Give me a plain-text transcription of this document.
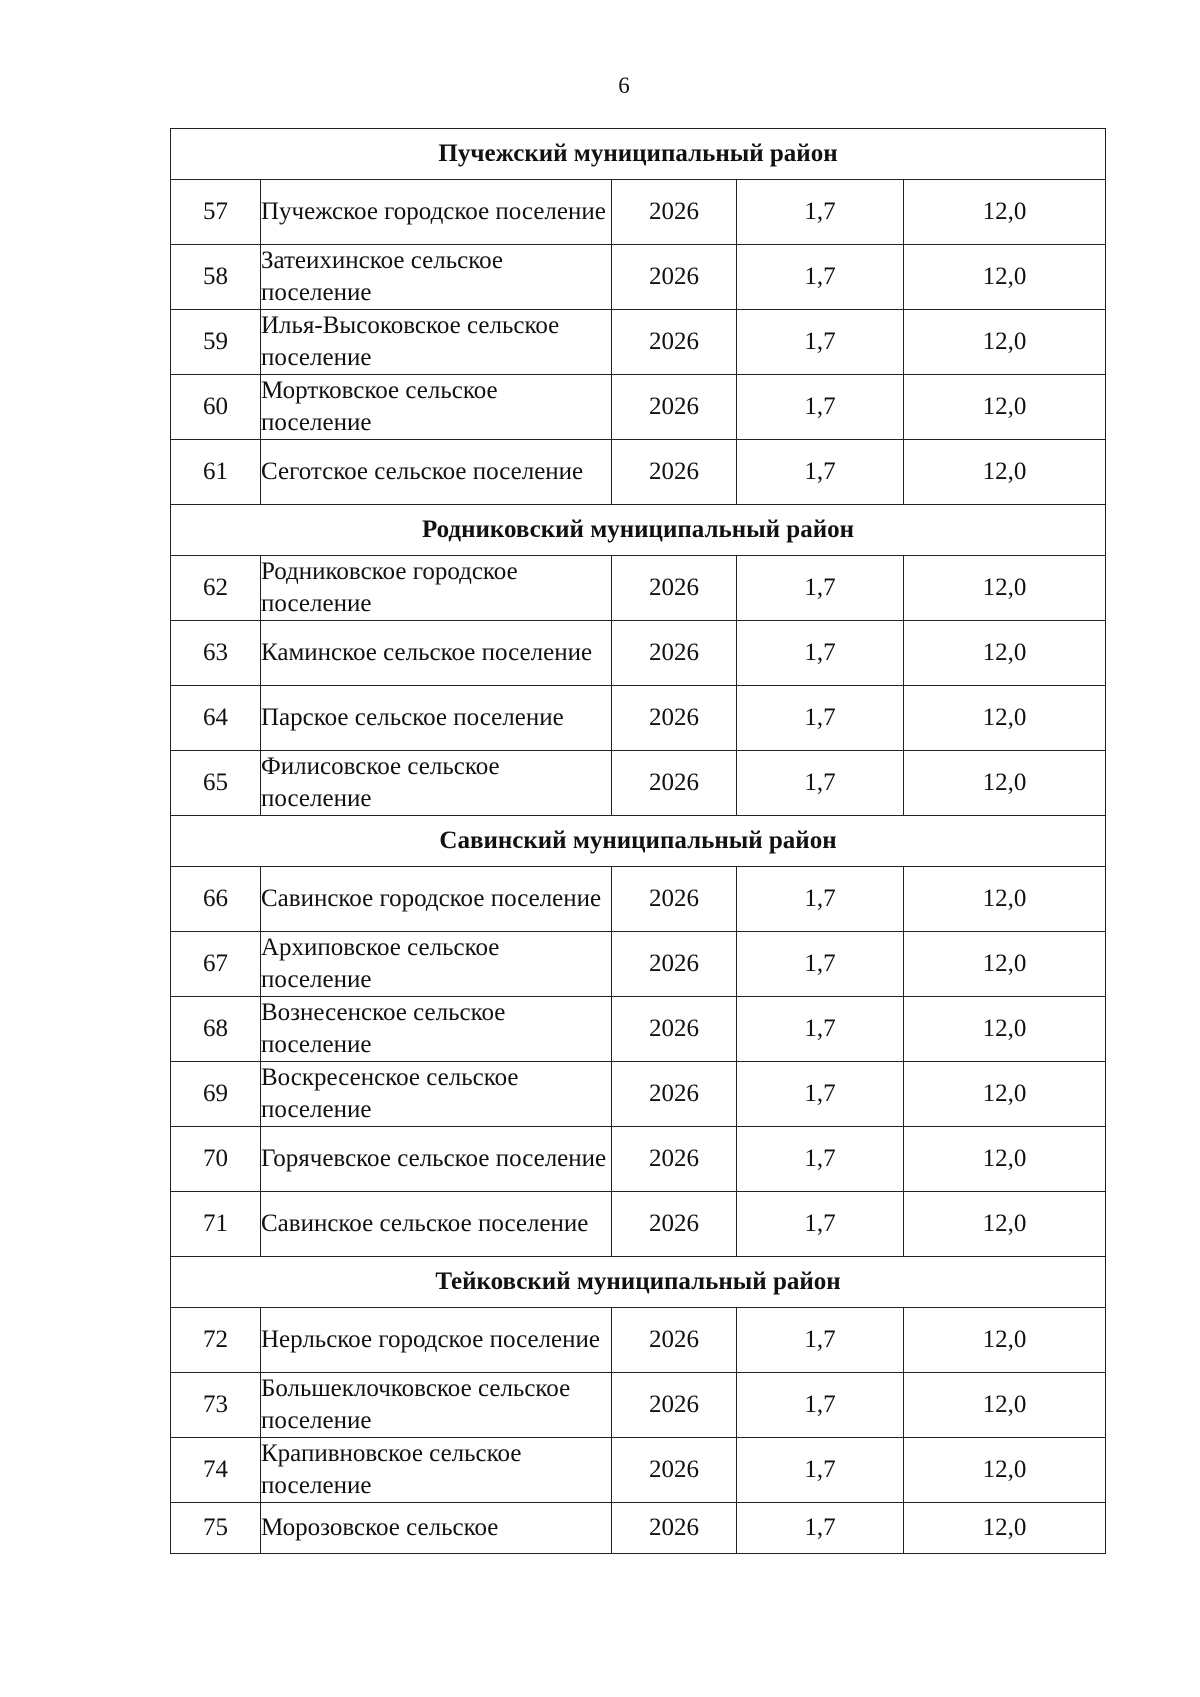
6
Пучежский муниципальный район				
57	Пучежское городское поселение	2026	1,7	12,0
58	Затеихинское сельское поселение	2026	1,7	12,0
59	Илья-Высоковское сельское поселение	2026	1,7	12,0
60	Мортковское сельское поселение	2026	1,7	12,0
61	Сеготское сельское поселение	2026	1,7	12,0
Родниковский муниципальный район				
62	Родниковское городское поселение	2026	1,7	12,0
63	Каминское сельское поселение	2026	1,7	12,0
64	Парское сельское поселение	2026	1,7	12,0
65	Филисовское сельское поселение	2026	1,7	12,0
Савинский муниципальный район				
66	Савинское городское поселение	2026	1,7	12,0
67	Архиповское сельское поселение	2026	1,7	12,0
68	Вознесенское сельское поселение	2026	1,7	12,0
69	Воскресенское сельское поселение	2026	1,7	12,0
70	Горячевское сельское поселение	2026	1,7	12,0
71	Савинское сельское поселение	2026	1,7	12,0
Тейковский муниципальный район				
72	Нерльское городское поселение	2026	1,7	12,0
73	Большеклочковское сельское поселение	2026	1,7	12,0
74	Крапивновское сельское поселение	2026	1,7	12,0
75	Морозовское сельское	2026	1,7	12,0
